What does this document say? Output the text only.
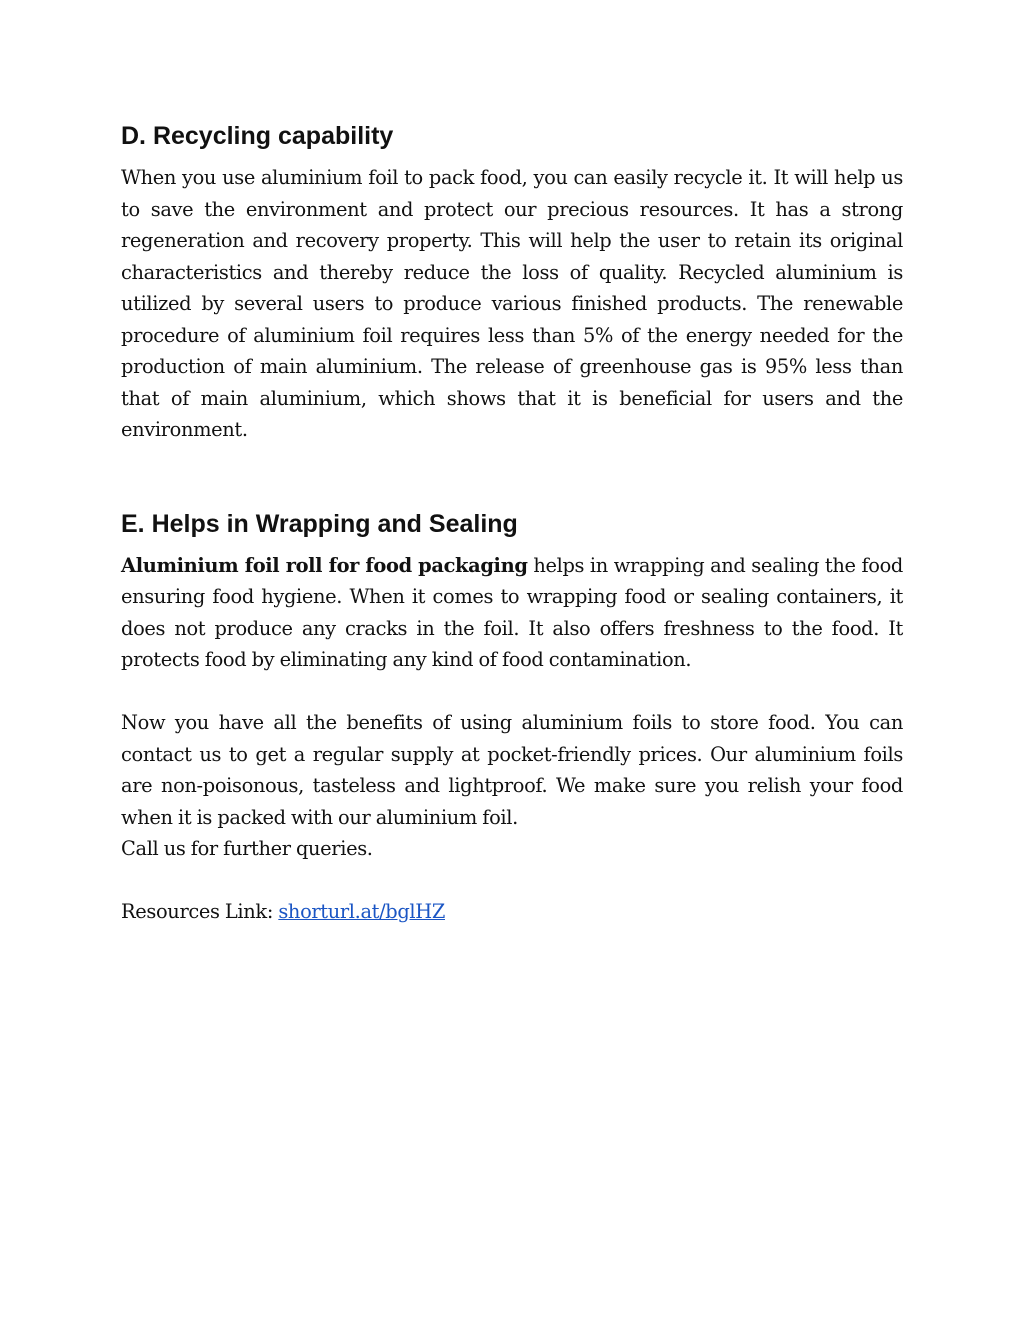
D. Recycling capability

When you use aluminium foil to pack food, you can easily recycle it. It will help us to save the environment and protect our precious resources. It has a strong regeneration and recovery property. This will help the user to retain its original characteristics and thereby reduce the loss of quality. Recycled aluminium is utilized by several users to produce various finished products. The renewable procedure of aluminium foil requires less than 5% of the energy needed for the production of main aluminium. The release of greenhouse gas is 95% less than that of main aluminium, which shows that it is beneficial for users and the environment.

E. Helps in Wrapping and Sealing

Aluminium foil roll for food packaging helps in wrapping and sealing the food ensuring food hygiene. When it comes to wrapping food or sealing containers, it does not produce any cracks in the foil. It also offers freshness to the food. It protects food by eliminating any kind of food contamination.

Now you have all the benefits of using aluminium foils to store food. You can contact us to get a regular supply at pocket-friendly prices. Our aluminium foils are non-poisonous, tasteless and lightproof. We make sure you relish your food when it is packed with our aluminium foil.

Call us for further queries.

Resources Link: shorturl.at/bglHZ
